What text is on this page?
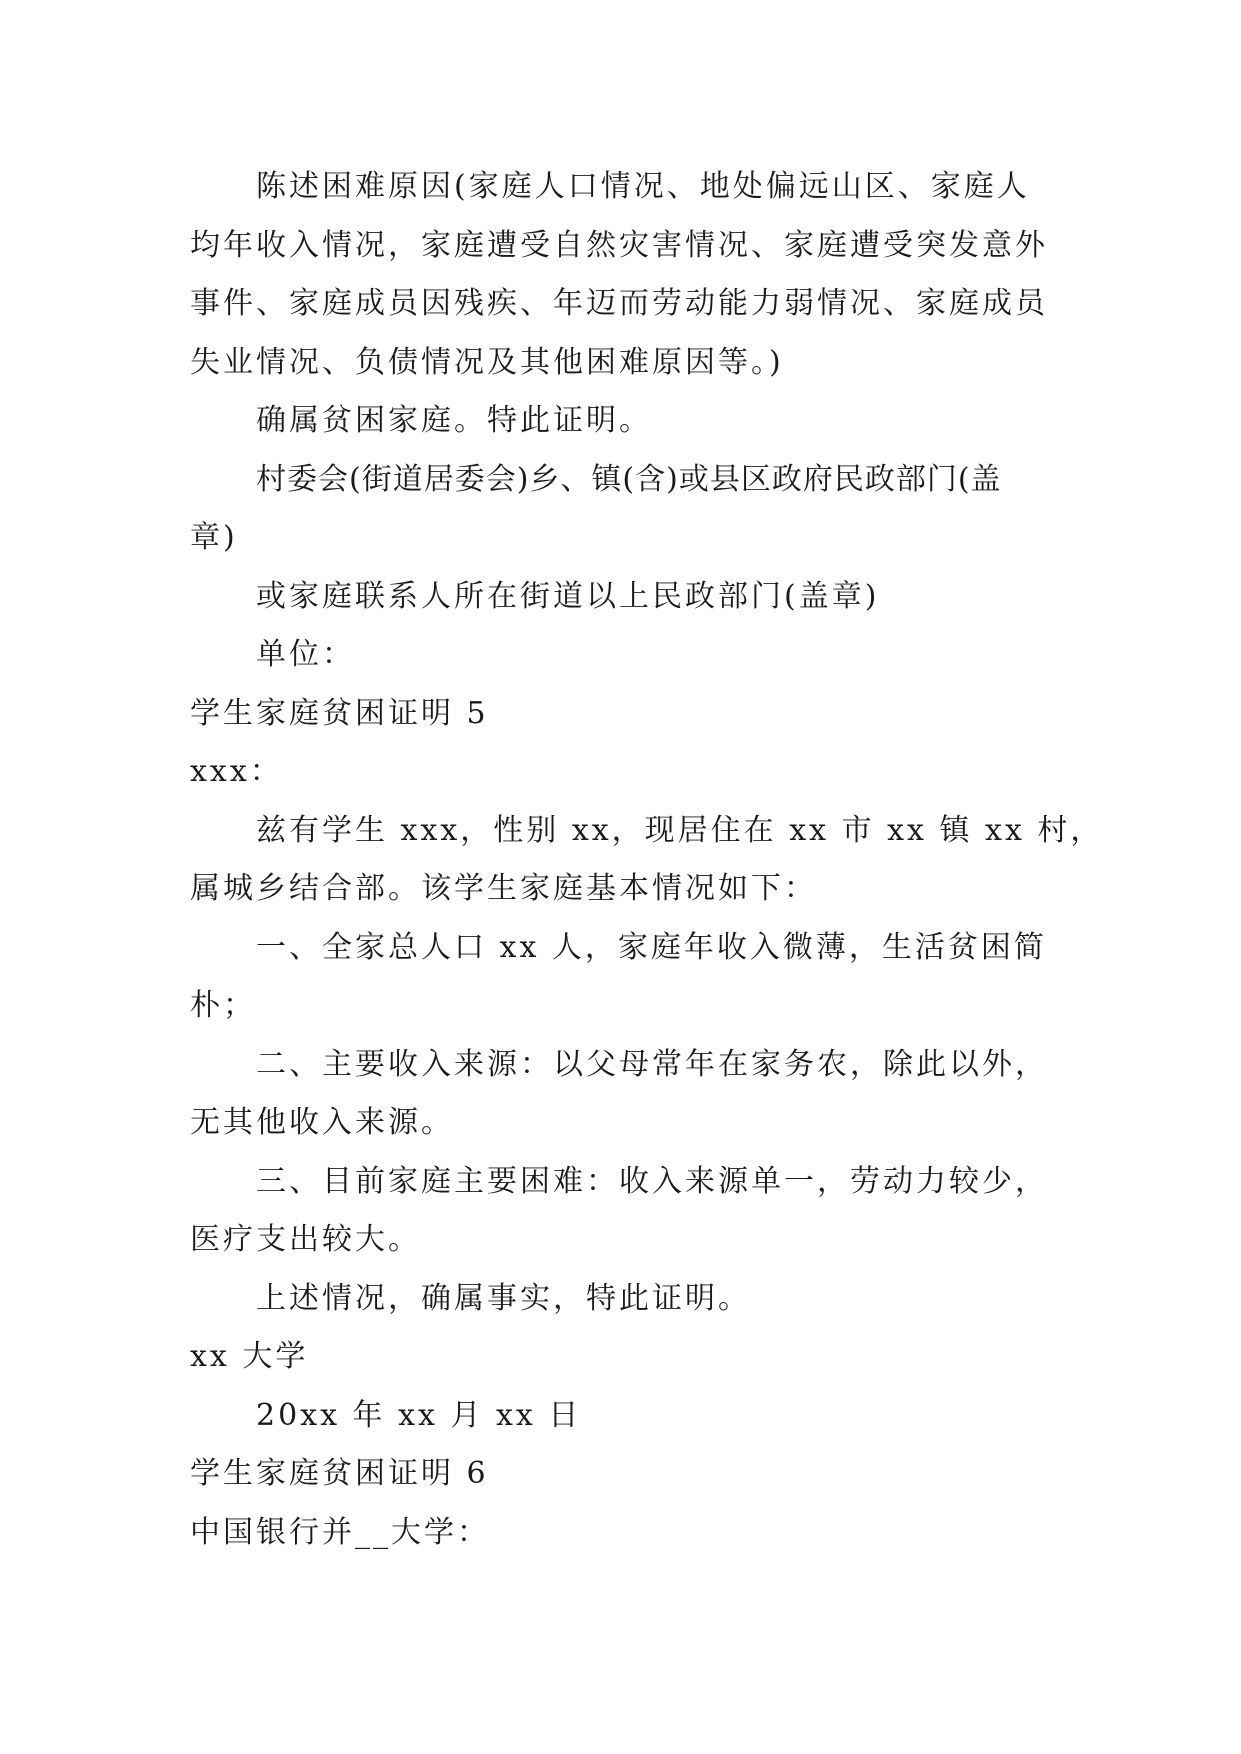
陈述困难原因(家庭人口情况、地处偏远山区、家庭人
均年收入情况，家庭遭受自然灾害情况、家庭遭受突发意外
事件、家庭成员因残疾、年迈而劳动能力弱情况、家庭成员
失业情况、负债情况及其他困难原因等。)
确属贫困家庭。特此证明。
村委会(街道居委会)乡、镇(含)或县区政府民政部门(盖
章)
或家庭联系人所在街道以上民政部门(盖章)
单位：
学生家庭贫困证明 5
xxx：
兹有学生 xxx，性别 xx，现居住在 xx 市 xx 镇 xx 村，
属城乡结合部。该学生家庭基本情况如下：
一、全家总人口 xx 人，家庭年收入微薄，生活贫困简
朴；
二、主要收入来源：以父母常年在家务农，除此以外，
无其他收入来源。
三、目前家庭主要困难：收入来源单一，劳动力较少，
医疗支出较大。
上述情况，确属事实，特此证明。
xx 大学
20xx 年 xx 月 xx 日
学生家庭贫困证明 6
中国银行并__大学：
